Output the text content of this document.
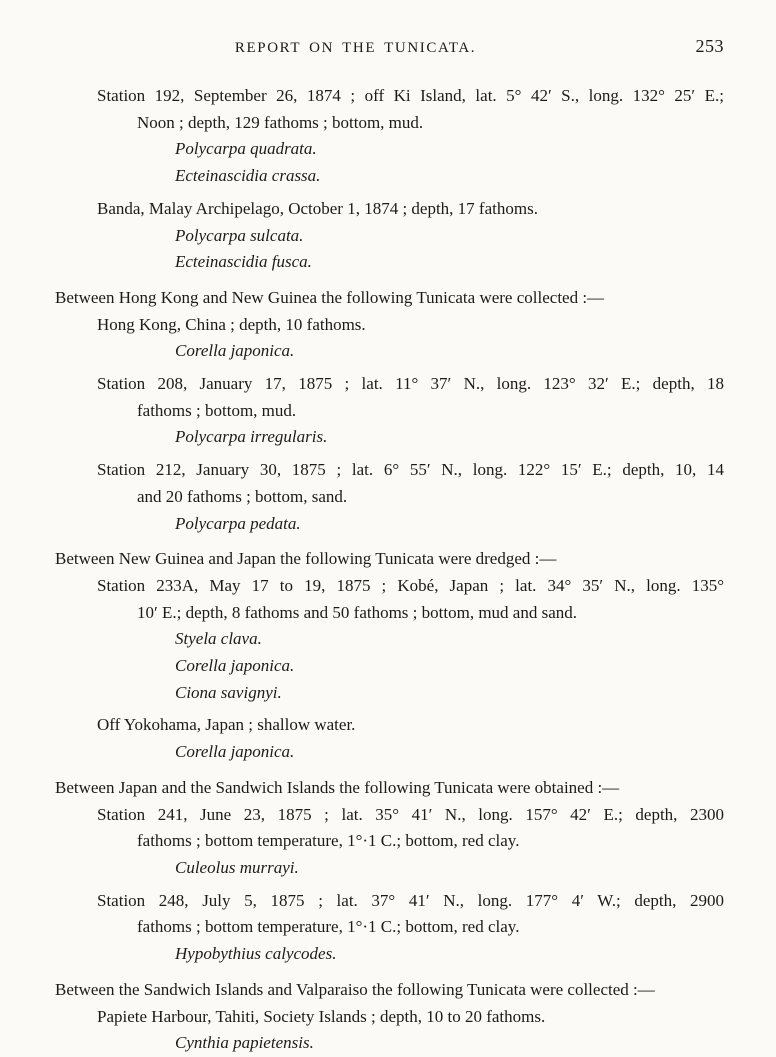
REPORT ON THE TUNICATA.	253
Station 192, September 26, 1874 ; off Ki Island, lat. 5° 42′ S., long. 132° 25′ E.;
Noon ; depth, 129 fathoms ; bottom, mud.
Polycarpa quadrata.
Ecteinascidia crassa.
Banda, Malay Archipelago, October 1, 1874 ; depth, 17 fathoms.
Polycarpa sulcata.
Ecteinascidia fusca.
Between Hong Kong and New Guinea the following Tunicata were collected :—
Hong Kong, China ; depth, 10 fathoms.
Corella japonica.
Station 208, January 17, 1875 ; lat. 11° 37′ N., long. 123° 32′ E.; depth, 18
fathoms ; bottom, mud.
Polycarpa irregularis.
Station 212, January 30, 1875 ; lat. 6° 55′ N., long. 122° 15′ E.; depth, 10, 14
and 20 fathoms ; bottom, sand.
Polycarpa pedata.
Between New Guinea and Japan the following Tunicata were dredged :—
Station 233A, May 17 to 19, 1875 ; Kobé, Japan ; lat. 34° 35′ N., long. 135°
10′ E.; depth, 8 fathoms and 50 fathoms ; bottom, mud and sand.
Styela clava.
Corella japonica.
Ciona savignyi.
Off Yokohama, Japan ; shallow water.
Corella japonica.
Between Japan and the Sandwich Islands the following Tunicata were obtained :—
Station 241, June 23, 1875 ; lat. 35° 41′ N., long. 157° 42′ E.; depth, 2300
fathoms ; bottom temperature, 1°·1 C.; bottom, red clay.
Culeolus murrayi.
Station 248, July 5, 1875 ; lat. 37° 41′ N., long. 177° 4′ W.; depth, 2900
fathoms ; bottom temperature, 1°·1 C.; bottom, red clay.
Hypobythius calycodes.
Between the Sandwich Islands and Valparaiso the following Tunicata were collected :—
Papiete Harbour, Tahiti, Society Islands ; depth, 10 to 20 fathoms.
Cynthia papietensis.
